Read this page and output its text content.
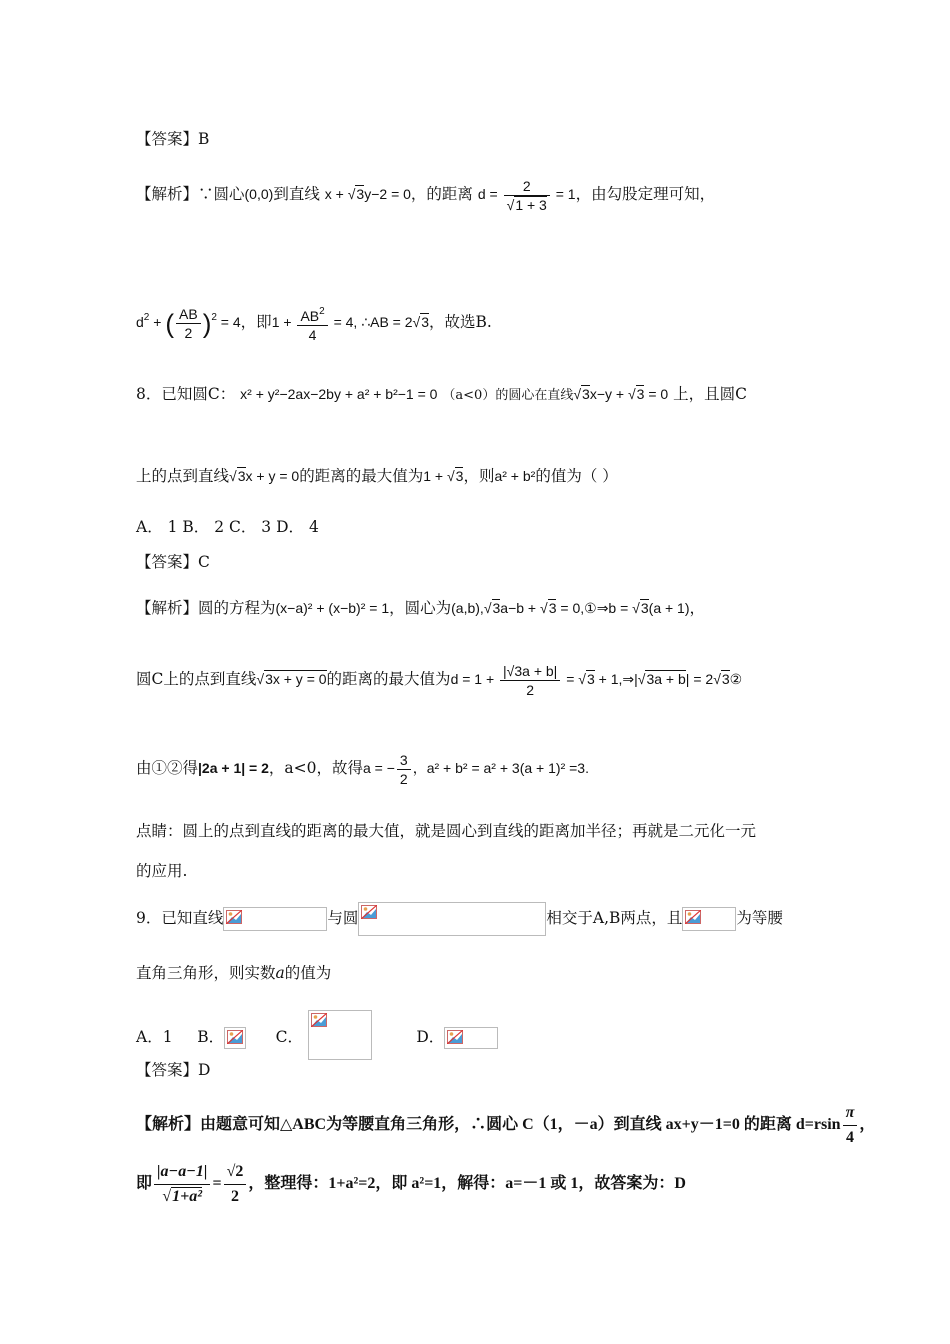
【答案】B
【解析】∵圆心(0,0)到直线 x + √3y−2 = 0，的距离 $d = \frac{2}{√1 + 3} = 1$，由勾股定理可知，
$d^2$ + ( $\frac{AB}{2} )^2 = 4$，即$1 + \frac{AB^2}{4} = 4$, ∴AB = 2√3，故选B.
8．已知圆C： x² + y²−2ax−2by + a² + b²−1 = 0 （a<0）的圆心在直线√3x−y + √3 = 0 上，且圆C
上的点到直线√3x + y = 0的距离的最大值为1 + √3，则a² + b²的值为（ ）
A． 1 B． 2 C． 3 D． 4
【答案】C
【解析】圆的方程为(x−a)² + (x−b)² = 1，圆心为(a,b),√3a−b + √3 = 0,①⇒b = √3(a + 1)，
圆C上的点到直线√3x + y = 0的距离的最大值为$d = 1 + \frac{|√3a + b|}{2} = √3$ + 1,⇒|√3a + b| = 2√3②
由①②得|2a + 1| = 2，a<0，故得a = − $\frac{3}{2}$ ，a² + b² = a² + 3(a + 1)² =3.
点睛：圆上的点到直线的距离的最大值，就是圆心到直线的距离加半径；再就是二元化一元
的应用.
9．已知直线	与圆	相交于A,B两点，且	为等腰
直角三角形，则实数a的值为
A．1 B．	C．	D．
【答案】D
【解析】由题意可知△ABC为等腰直角三角形，∴圆心 C（1，－a）到直线 ax+y－1=0 的距离 $d=rsin \frac{\pi}{4}$ ，
即 $\frac{|a-a-1|}{\text{√1+a²}} = \frac{√2}{2}$ ，整理得：1+a²=2，即 a²=1，解得：a=－1 或 1，故答案为：D
